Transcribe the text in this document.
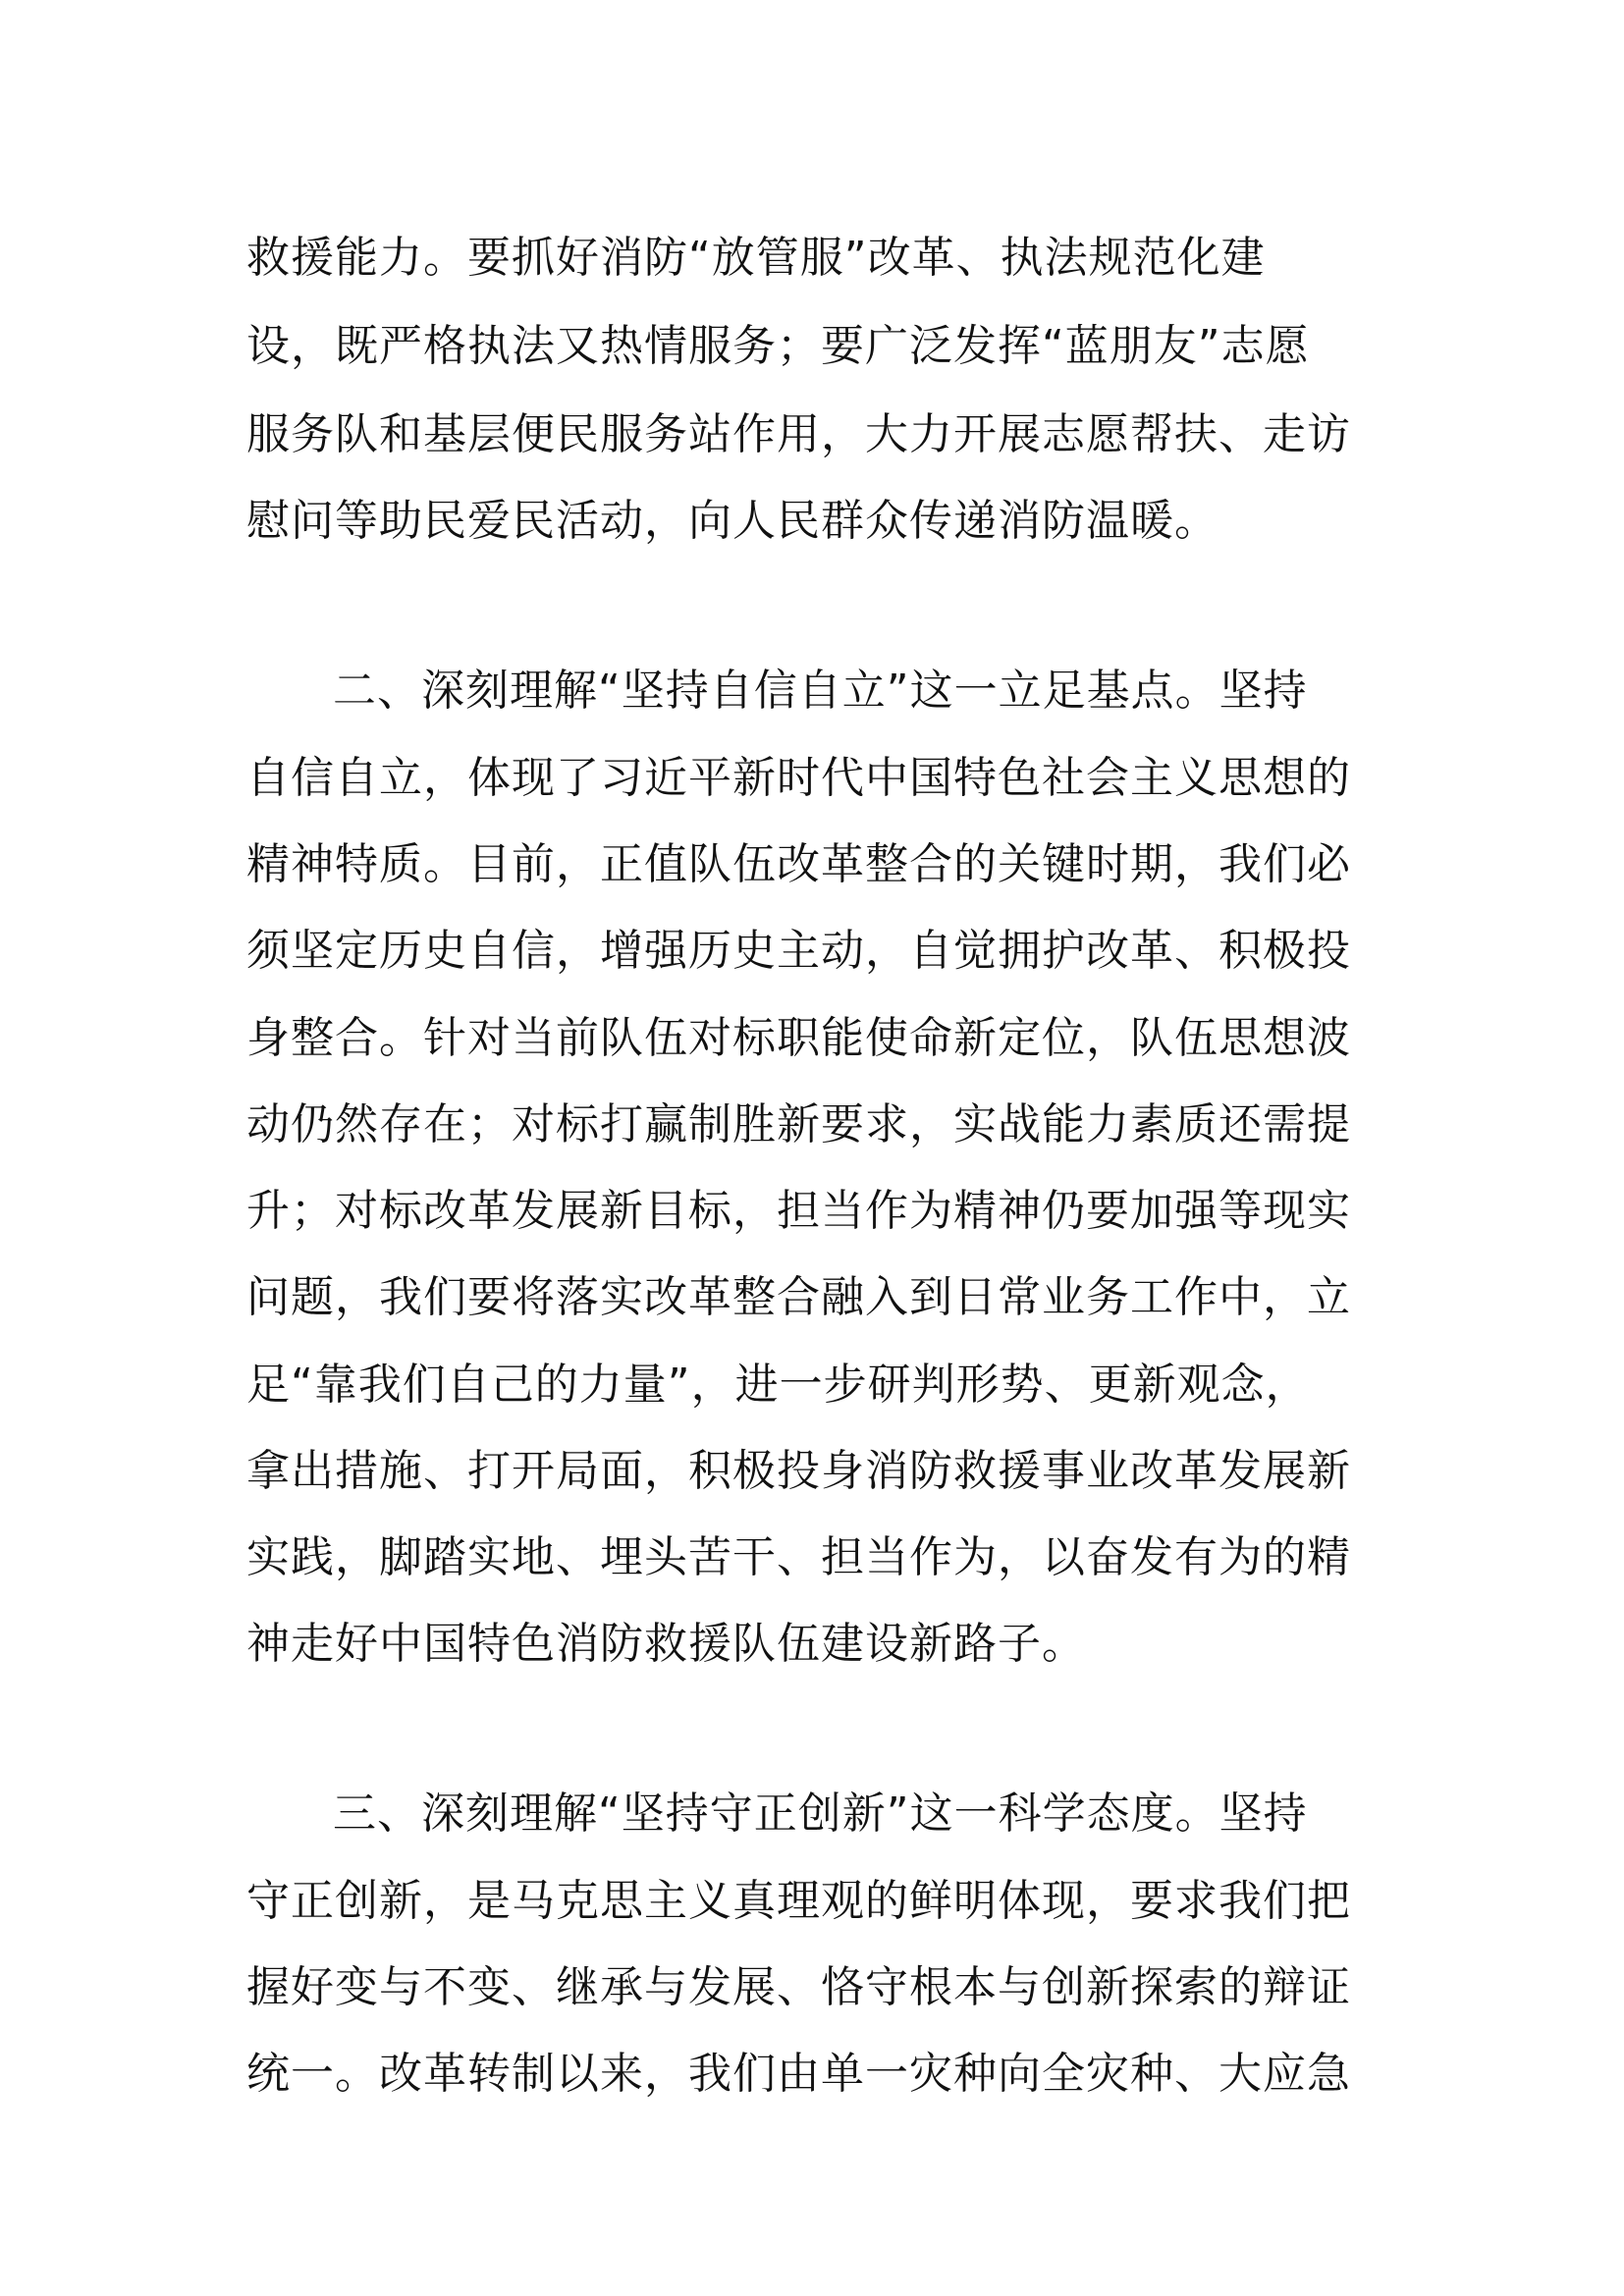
救援能力。要抓好消防“放管服”改革、执法规范化建
设，既严格执法又热情服务；要广泛发挥“蓝朋友”志愿
服务队和基层便民服务站作用，大力开展志愿帮扶、走访
慰问等助民爱民活动，向人民群众传递消防温暖。
二、深刻理解“坚持自信自立”这一立足基点。坚持
自信自立，体现了习近平新时代中国特色社会主义思想的
精神特质。目前，正值队伍改革整合的关键时期，我们必
须坚定历史自信，增强历史主动，自觉拥护改革、积极投
身整合。针对当前队伍对标职能使命新定位，队伍思想波
动仍然存在；对标打赢制胜新要求，实战能力素质还需提
升；对标改革发展新目标，担当作为精神仍要加强等现实
问题，我们要将落实改革整合融入到日常业务工作中，立
足“靠我们自己的力量”，进一步研判形势、更新观念，
拿出措施、打开局面，积极投身消防救援事业改革发展新
实践，脚踏实地、埋头苦干、担当作为，以奋发有为的精
神走好中国特色消防救援队伍建设新路子。
三、深刻理解“坚持守正创新”这一科学态度。坚持
守正创新，是马克思主义真理观的鲜明体现，要求我们把
握好变与不变、继承与发展、恪守根本与创新探索的辩证
统一。改革转制以来，我们由单一灾种向全灾种、大应急
